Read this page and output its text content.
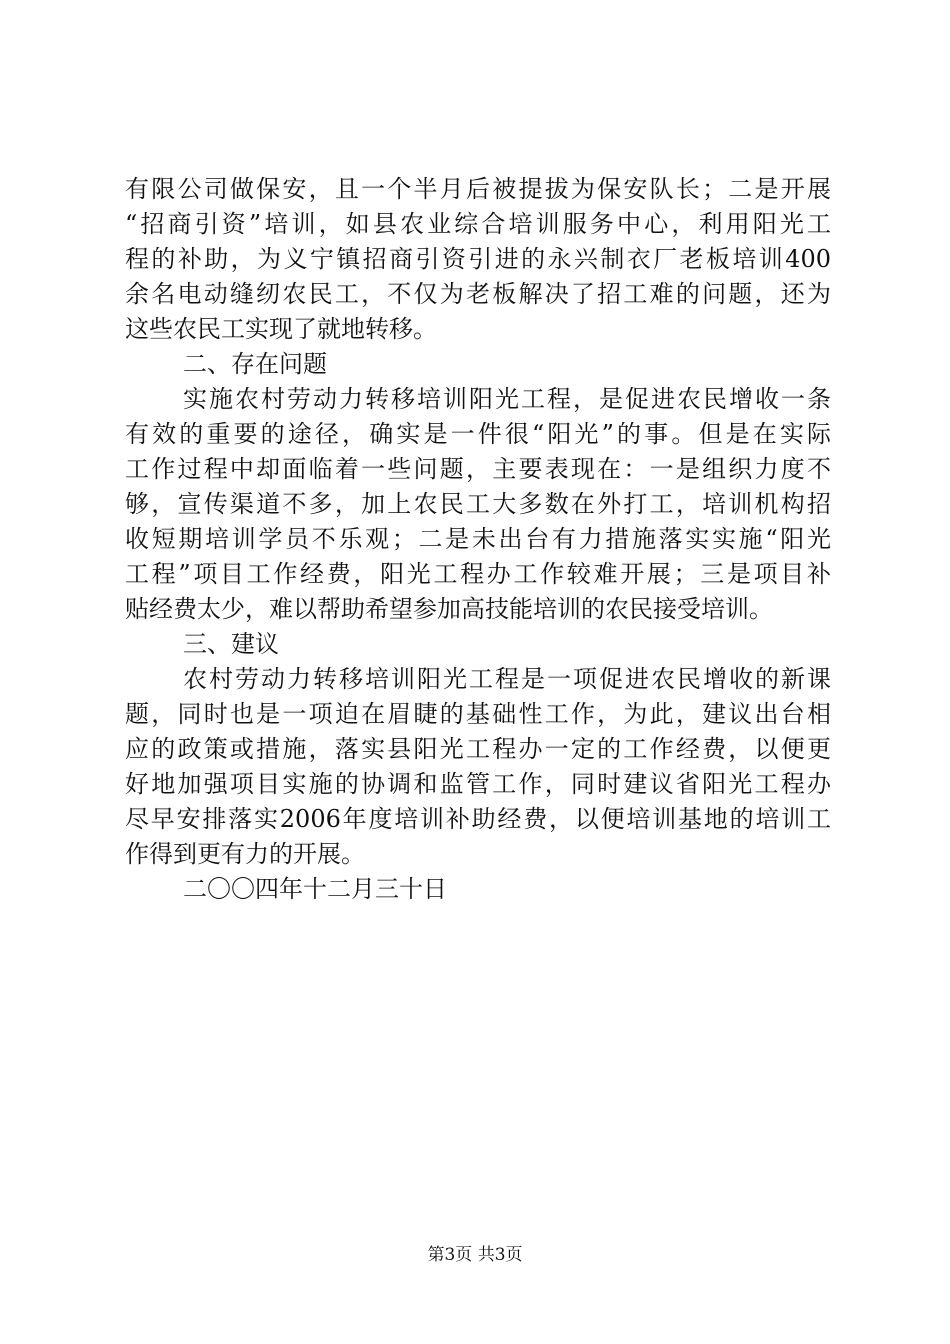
有限公司做保安，且一个半月后被提拔为保安队长；二是开展
“招商引资”培训，如县农业综合培训服务中心，利用阳光工
程的补助，为义宁镇招商引资引进的永兴制衣厂老板培训400
余名电动缝纫农民工，不仅为老板解决了招工难的问题，还为
这些农民工实现了就地转移。
二、存在问题
实施农村劳动力转移培训阳光工程，是促进农民增收一条
有效的重要的途径，确实是一件很“阳光”的事。但是在实际
工作过程中却面临着一些问题，主要表现在：一是组织力度不
够，宣传渠道不多，加上农民工大多数在外打工，培训机构招
收短期培训学员不乐观；二是未出台有力措施落实实施“阳光
工程”项目工作经费，阳光工程办工作较难开展；三是项目补
贴经费太少，难以帮助希望参加高技能培训的农民接受培训。
三、建议
农村劳动力转移培训阳光工程是一项促进农民增收的新课
题，同时也是一项迫在眉睫的基础性工作，为此，建议出台相
应的政策或措施，落实县阳光工程办一定的工作经费，以便更
好地加强项目实施的协调和监管工作，同时建议省阳光工程办
尽早安排落实2006年度培训补助经费，以便培训基地的培训工
作得到更有力的开展。
二〇〇四年十二月三十日
第3页 共3页
